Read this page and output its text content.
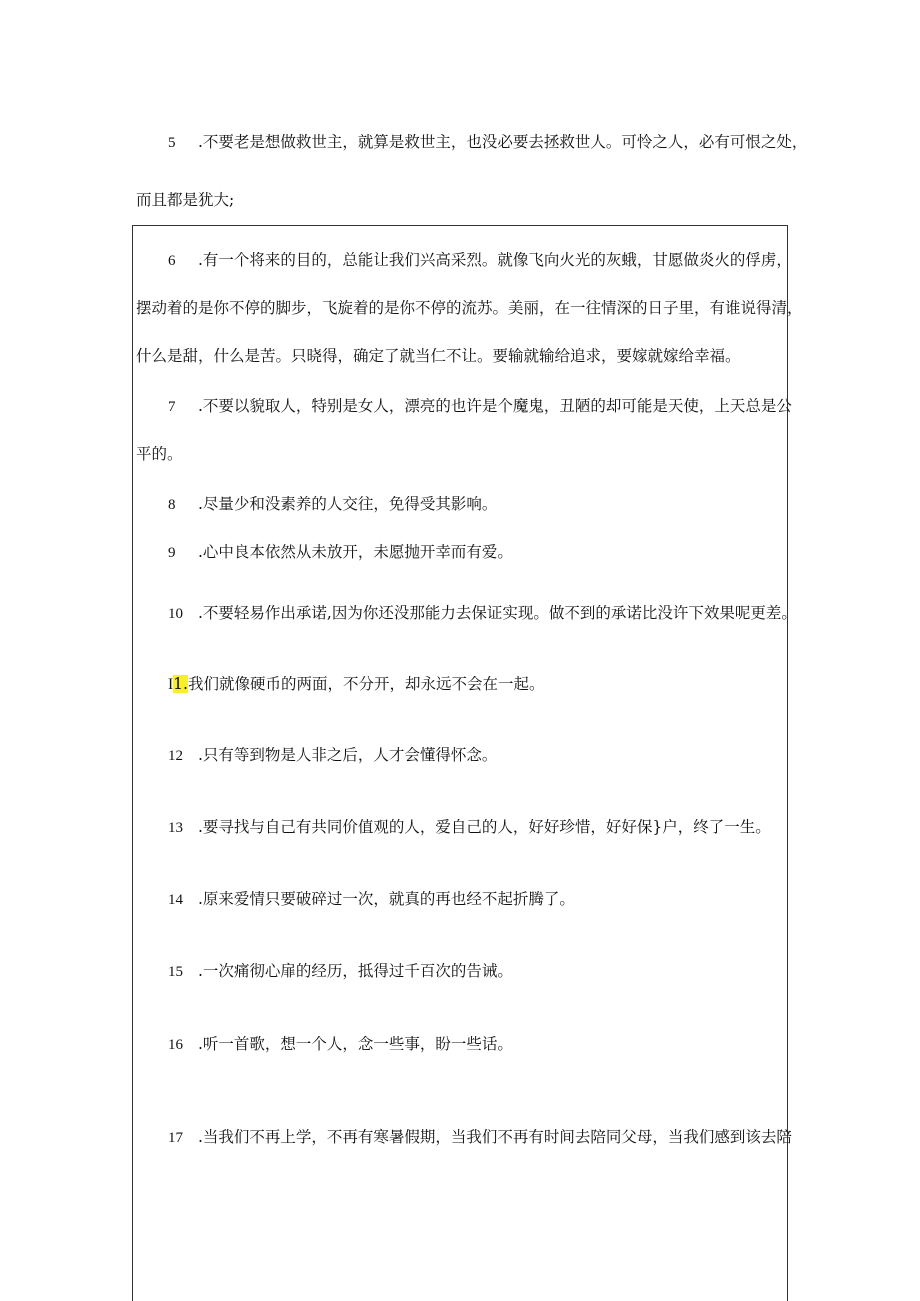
5 .不要老是想做救世主，就算是救世主，也没必要去拯救世人。可怜之人，必有可恨之处，
而且都是犹大;
6 .有一个将来的目的，总能让我们兴高采烈。就像飞向火光的灰蛾，甘愿做炎火的俘虏，
摆动着的是你不停的脚步，飞旋着的是你不停的流苏。美丽，在一往情深的日子里，有谁说得清，
什么是甜，什么是苦。只晓得，确定了就当仁不让。要输就输给追求，要嫁就嫁给幸福。
7 .不要以貌取人，特别是女人，漂亮的也许是个魔鬼，丑陋的却可能是天使，上天总是公
平的。
8 .尽量少和没素养的人交往，免得受其影响。
9 .心中良本依然从未放开，未愿抛开幸而有爱。
10 .不要轻易作出承诺,因为你还没那能力去保证实现。做不到的承诺比没许下效果呢更差。
I1.我们就像硬币的两面，不分开，却永远不会在一起。
12 .只有等到物是人非之后，人才会懂得怀念。
13 .要寻找与自己有共同价值观的人，爱自己的人，好好珍惜，好好保}户，终了一生。
14 .原来爱情只要破碎过一次，就真的再也经不起折腾了。
15 .一次痛彻心扉的经历，抵得过千百次的告诫。
16 .听一首歌，想一个人，念一些事，盼一些话。
17 .当我们不再上学，不再有寒暑假期，当我们不再有时间去陪同父母，当我们感到该去陪
